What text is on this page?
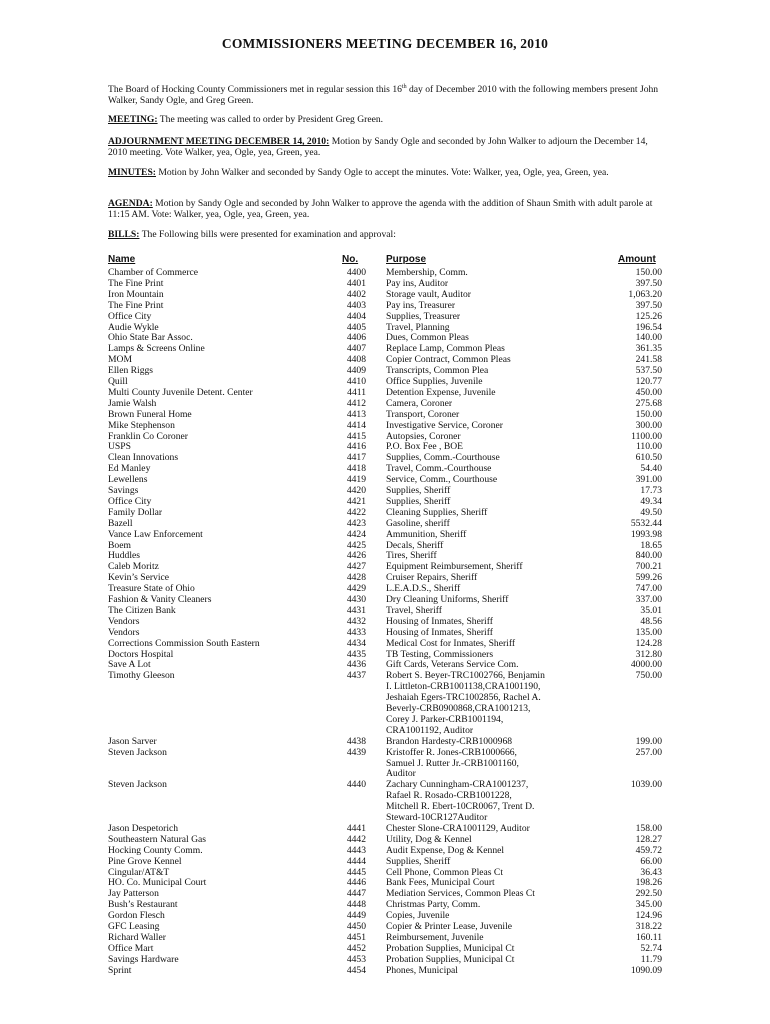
COMMISSIONERS MEETING DECEMBER 16, 2010
The Board of Hocking County Commissioners met in regular session this 16th day of December 2010 with the following members present John Walker, Sandy Ogle, and Greg Green.
MEETING: The meeting was called to order by President Greg Green.
ADJOURNMENT MEETING DECEMBER 14, 2010: Motion by Sandy Ogle and seconded by John Walker to adjourn the December 14, 2010 meeting. Vote Walker, yea, Ogle, yea, Green, yea.
MINUTES: Motion by John Walker and seconded by Sandy Ogle to accept the minutes. Vote: Walker, yea, Ogle, yea, Green, yea.
AGENDA: Motion by Sandy Ogle and seconded by John Walker to approve the agenda with the addition of Shaun Smith with adult parole at 11:15 AM. Vote: Walker, yea, Ogle, yea, Green, yea.
BILLS: The Following bills were presented for examination and approval:
Name	No.	Purpose	Amount
Chamber of Commerce	4400 Membership, Comm.	150.00
The Fine Print	4401 Pay ins, Auditor	397.50
Iron Mountain	4402 Storage vault, Auditor	1,063.20
The Fine Print	4403 Pay ins, Treasurer	397.50
Office City	4404 Supplies, Treasurer	125.26
Audie Wykle	4405 Travel, Planning	196.54
Ohio State Bar Assoc.	4406 Dues, Common Pleas	140.00
Lamps & Screens Online	4407 Replace Lamp, Common Pleas	361.35
MOM	4408 Copier Contract, Common Pleas	241.58
Ellen Riggs	4409 Transcripts, Common Plea	537.50
Quill	4410 Office Supplies, Juvenile	120.77
Multi County Juvenile Detent. Center	4411 Detention Expense, Juvenile	450.00
Jamie Walsh	4412 Camera, Coroner	275.68
Brown Funeral Home	4413 Transport, Coroner	150.00
Mike Stephenson	4414 Investigative Service, Coroner	300.00
Franklin Co Coroner	4415 Autopsies, Coroner	1100.00
USPS	4416 P.O. Box Fee , BOE	110.00
Clean Innovations	4417 Supplies, Comm.-Courthouse	610.50
Ed Manley	4418 Travel, Comm.-Courthouse	54.40
Lewellens	4419 Service, Comm., Courthouse	391.00
Savings	4420 Supplies, Sheriff	17.73
Office City	4421 Supplies, Sheriff	49.34
Family Dollar	4422 Cleaning Supplies, Sheriff	49.50
Bazell	4423 Gasoline, sheriff	5532.44
Vance Law Enforcement	4424 Ammunition, Sheriff	1993.98
Boem	4425 Decals, Sheriff	18.65
Huddles	4426 Tires, Sheriff	840.00
Caleb Moritz	4427 Equipment Reimbursement, Sheriff	700.21
Kevin’s Service	4428 Cruiser Repairs, Sheriff	599.26
Treasure State of Ohio	4429 L.E.A.D.S., Sheriff	747.00
Fashion & Vanity Cleaners	4430 Dry Cleaning Uniforms, Sheriff	337.00
The Citizen Bank	4431 Travel, Sheriff	35.01
Vendors	4432 Housing of Inmates, Sheriff	48.56
Vendors	4433 Housing of Inmates, Sheriff	135.00
Corrections Commission South Eastern	4434 Medical Cost for Inmates, Sheriff	124.28
Doctors Hospital	4435 TB Testing, Commissioners	312.80
Save A Lot	4436 Gift Cards, Veterans Service Com.	4000.00
Timothy Gleeson	4437 Robert S. Beyer-TRC1002766, Benjamin
I. Littleton-CRB1001138,CRA1001190,
Jeshaiah Egers-TRC1002856, Rachel A.
Beverly-CRB0900868,CRA1001213,
Corey J. Parker-CRB1001194,
CRA1001192, Auditor
750.00
Jason Sarver	4438 Brandon Hardesty-CRB1000968	199.00
Steven Jackson	4439 Kristoffer R. Jones-CRB1000666,
Samuel J. Rutter Jr.-CRB1001160,
Auditor
257.00
Steven Jackson	4440 Zachary Cunningham-CRA1001237,
Rafael R. Rosado-CRB1001228,
Mitchell R. Ebert-10CR0067, Trent D.
Steward-10CR127Auditor
1039.00
Jason Despetorich	4441 Chester Slone-CRA1001129, Auditor	158.00
Southeastern Natural Gas	4442 Utility, Dog & Kennel	128.27
Hocking County Comm.	4443 Audit Expense, Dog & Kennel	459.72
Pine Grove Kennel	4444 Supplies, Sheriff	66.00
Cingular/AT&T	4445 Cell Phone, Common Pleas Ct	36.43
HO. Co. Municipal Court	4446 Bank Fees, Municipal Court	198.26
Jay Patterson	4447 Mediation Services, Common Pleas Ct	292.50
Bush’s Restaurant	4448 Christmas Party, Comm.	345.00
Gordon Flesch	4449 Copies, Juvenile	124.96
GFC Leasing	4450 Copier & Printer Lease, Juvenile	318.22
Richard Waller	4451 Reimbursement, Juvenile	160.11
Office Mart	4452 Probation Supplies, Municipal Ct	52.74
Savings Hardware	4453 Probation Supplies, Municipal Ct	11.79
Sprint	4454 Phones, Municipal	1090.09
